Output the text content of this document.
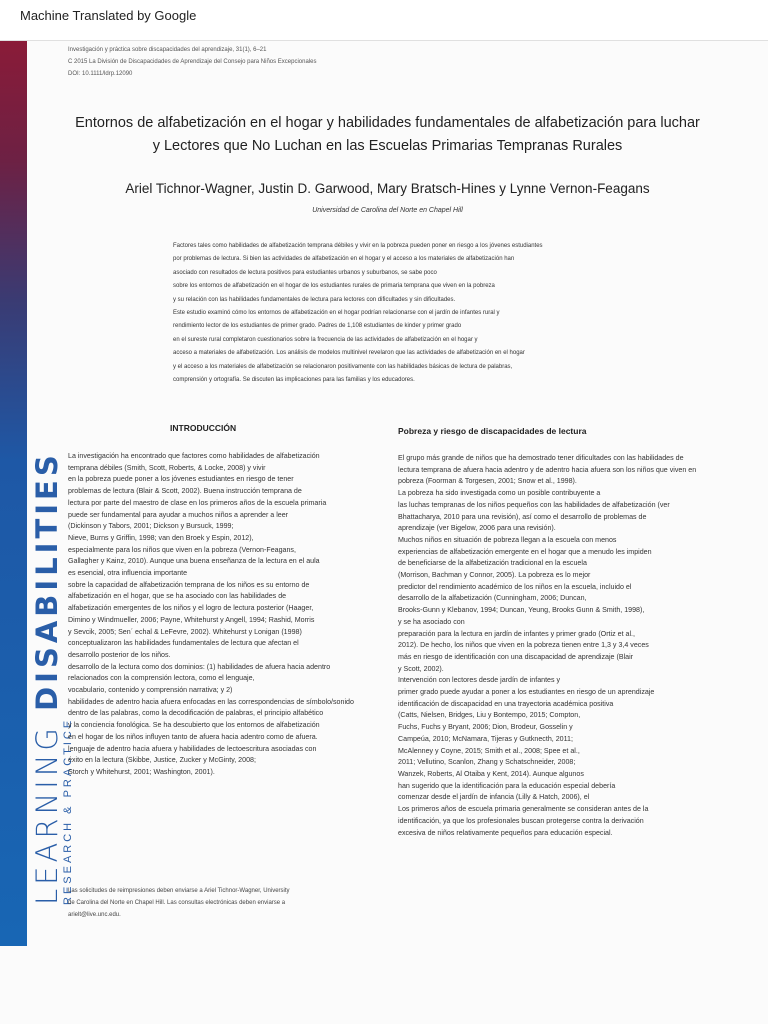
Machine Translated by Google
LEARNING DISABILITIES
RESEARCH & PRACTICE
Investigación y práctica sobre discapacidades del aprendizaje, 31(1), 6–21
C 2015 La División de Discapacidades de Aprendizaje del Consejo para Niños Excepcionales
DOI: 10.1111/ldrp.12090
Entornos de alfabetización en el hogar y habilidades fundamentales de alfabetización para luchar
y Lectores que No Luchan en las Escuelas Primarias Tempranas Rurales
Ariel Tichnor-Wagner, Justin D. Garwood, Mary Bratsch-Hines y Lynne Vernon-Feagans
Universidad de Carolina del Norte en Chapel Hill
Factores tales como habilidades de alfabetización temprana débiles y vivir en la pobreza pueden poner en riesgo a los jóvenes estudiantes
por problemas de lectura. Si bien las actividades de alfabetización en el hogar y el acceso a los materiales de alfabetización han
asociado con resultados de lectura positivos para estudiantes urbanos y suburbanos, se sabe poco
sobre los entornos de alfabetización en el hogar de los estudiantes rurales de primaria temprana que viven en la pobreza
y su relación con las habilidades fundamentales de lectura para lectores con dificultades y sin dificultades.
Este estudio examinó cómo los entornos de alfabetización en el hogar podrían relacionarse con el jardín de infantes rural y
rendimiento lector de los estudiantes de primer grado. Padres de 1,108 estudiantes de kinder y primer grado
en el sureste rural completaron cuestionarios sobre la frecuencia de las actividades de alfabetización en el hogar y
acceso a materiales de alfabetización. Los análisis de modelos multinivel revelaron que las actividades de alfabetización en el hogar
y el acceso a los materiales de alfabetización se relacionaron positivamente con las habilidades básicas de lectura de palabras,
comprensión y ortografía. Se discuten las implicaciones para las familias y los educadores.
INTRODUCCIÓN	Pobreza y riesgo de discapacidades de lectura
La investigación ha encontrado que factores como habilidades de alfabetización
temprana débiles (Smith, Scott, Roberts, & Locke, 2008) y vivir
en la pobreza puede poner a los jóvenes estudiantes en riesgo de tener
problemas de lectura (Blair & Scott, 2002). Buena instrucción temprana de
lectura por parte del maestro de clase en los primeros años de la escuela primaria
puede ser fundamental para ayudar a muchos niños a aprender a leer
(Dickinson y Tabors, 2001; Dickson y Bursuck, 1999;
Nieve, Burns y Griffin, 1998; van den Broek y Espin, 2012),
especialmente para los niños que viven en la pobreza (Vernon-Feagans,
Gallagher y Kainz, 2010). Aunque una buena enseñanza de la lectura en el aula
es esencial, otra influencia importante
sobre la capacidad de alfabetización temprana de los niños es su entorno de
alfabetización en el hogar, que se ha asociado con las habilidades de
alfabetización emergentes de los niños y el logro de lectura posterior (Haager,
Dimino y Windmueller, 2006; Payne, Whitehurst y Angell, 1994; Rashid, Morris
y Sevcik, 2005; Sen´ echal & LeFevre, 2002). Whitehurst y Lonigan (1998)
conceptualizaron las habilidades fundamentales de lectura que afectan el
desarrollo posterior de los niños.
desarrollo de la lectura como dos dominios: (1) habilidades de afuera hacia adentro
relacionados con la comprensión lectora, como el lenguaje,
vocabulario, contenido y comprensión narrativa; y 2)
habilidades de adentro hacia afuera enfocadas en las correspondencias de símbolo/sonido
dentro de las palabras, como la decodificación de palabras, el principio alfabético
y la conciencia fonológica. Se ha descubierto que los entornos de alfabetización
en el hogar de los niños influyen tanto de afuera hacia adentro como de afuera.
lenguaje de adentro hacia afuera y habilidades de lectoescritura asociadas con
éxito en la lectura (Skibbe, Justice, Zucker y McGinty, 2008;
Storch y Whitehurst, 2001; Washington, 2001).
El grupo más grande de niños que ha demostrado tener dificultades con las habilidades de
lectura temprana de afuera hacia adentro y de adentro hacia afuera son los niños que viven en
pobreza (Foorman & Torgesen, 2001; Snow et al., 1998).
La pobreza ha sido investigada como un posible contribuyente a
las luchas tempranas de los niños pequeños con las habilidades de alfabetización (ver
Bhattacharya, 2010 para una revisión), así como el desarrollo de problemas de
aprendizaje (ver Bigelow, 2006 para una revisión).
Muchos niños en situación de pobreza llegan a la escuela con menos
experiencias de alfabetización emergente en el hogar que a menudo les impiden
de beneficiarse de la alfabetización tradicional en la escuela
(Morrison, Bachman y Connor, 2005). La pobreza es lo mejor
predictor del rendimiento académico de los niños en la escuela, incluido el
desarrollo de la alfabetización (Cunningham, 2006; Duncan,
Brooks-Gunn y Klebanov, 1994; Duncan, Yeung, Brooks Gunn & Smith, 1998),
y se ha asociado con
preparación para la lectura en jardín de infantes y primer grado (Ortiz et al.,
2012). De hecho, los niños que viven en la pobreza tienen entre 1,3 y 3,4 veces
más en riesgo de identificación con una discapacidad de aprendizaje (Blair
y Scott, 2002).
Intervención con lectores desde jardín de infantes y
primer grado puede ayudar a poner a los estudiantes en riesgo de un aprendizaje
identificación de discapacidad en una trayectoria académica positiva
(Catts, Nielsen, Bridges, Liu y Bontempo, 2015; Compton,
Fuchs, Fuchs y Bryant, 2006; Dion, Brodeur, Gosselin y
Campeúa, 2010; McNamara, Tijeras y Gutknecth, 2011;
McAlenney y Coyne, 2015; Smith et al., 2008; Spee et al.,
2011; Vellutino, Scanlon, Zhang y Schatschneider, 2008;
Wanzek, Roberts, Al Otaiba y Kent, 2014). Aunque algunos
han sugerido que la identificación para la educación especial debería
comenzar desde el jardín de infancia (Lilly & Hatch, 2006), el
Los primeros años de escuela primaria generalmente se consideran antes de la
identificación, ya que los profesionales buscan protegerse contra la derivación
excesiva de niños relativamente pequeños para educación especial.
Las solicitudes de reimpresiones deben enviarse a Ariel Tichnor-Wagner, University
de Carolina del Norte en Chapel Hill. Las consultas electrónicas deben enviarse a
arielt@live.unc.edu.
